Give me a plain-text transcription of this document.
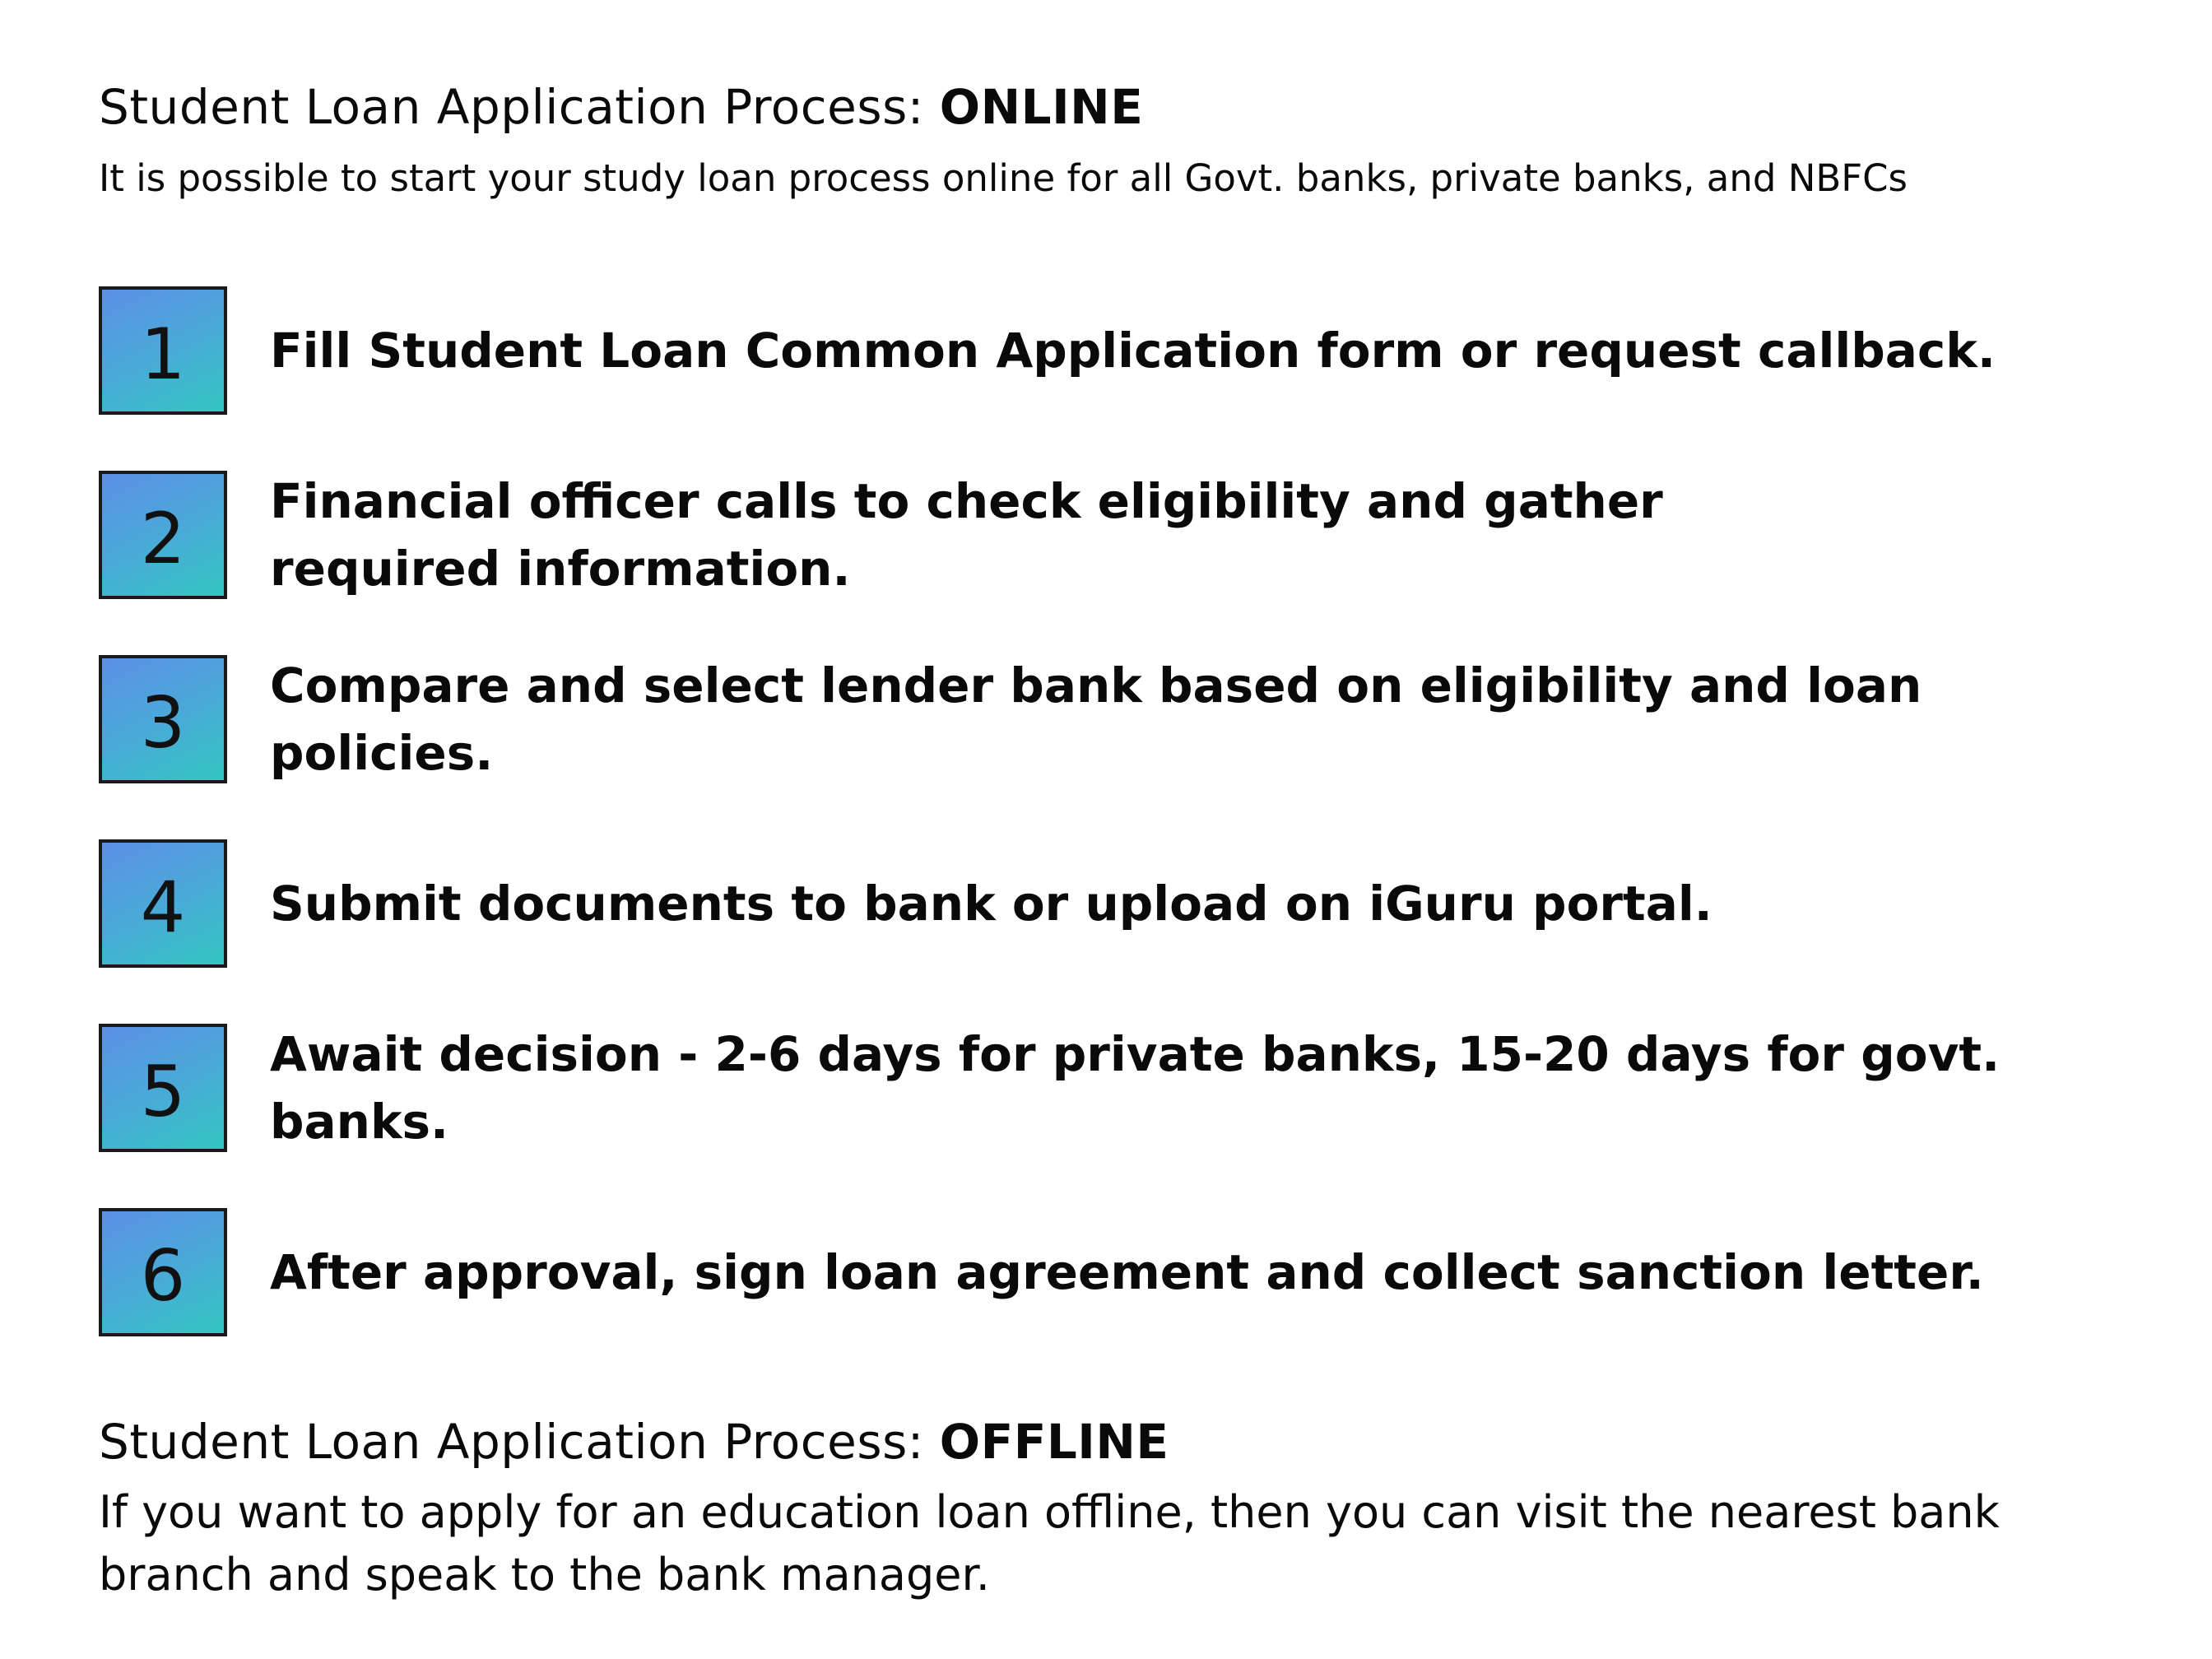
Student Loan Application Process: ONLINE
It is possible to start your study loan process online for all Govt. banks, private banks, and NBFCs
1 Fill Student Loan Common Application form or request callback.
2 Financial officer calls to check eligibility and gather required information.
3 Compare and select lender bank based on eligibility and loan policies.
4 Submit documents to bank or upload on iGuru portal.
5 Await decision - 2-6 days for private banks, 15-20 days for govt. banks.
6 After approval, sign loan agreement and collect sanction letter.
Student Loan Application Process: OFFLINE
If you want to apply for an education loan offline, then you can visit the nearest bank branch and speak to the bank manager.
